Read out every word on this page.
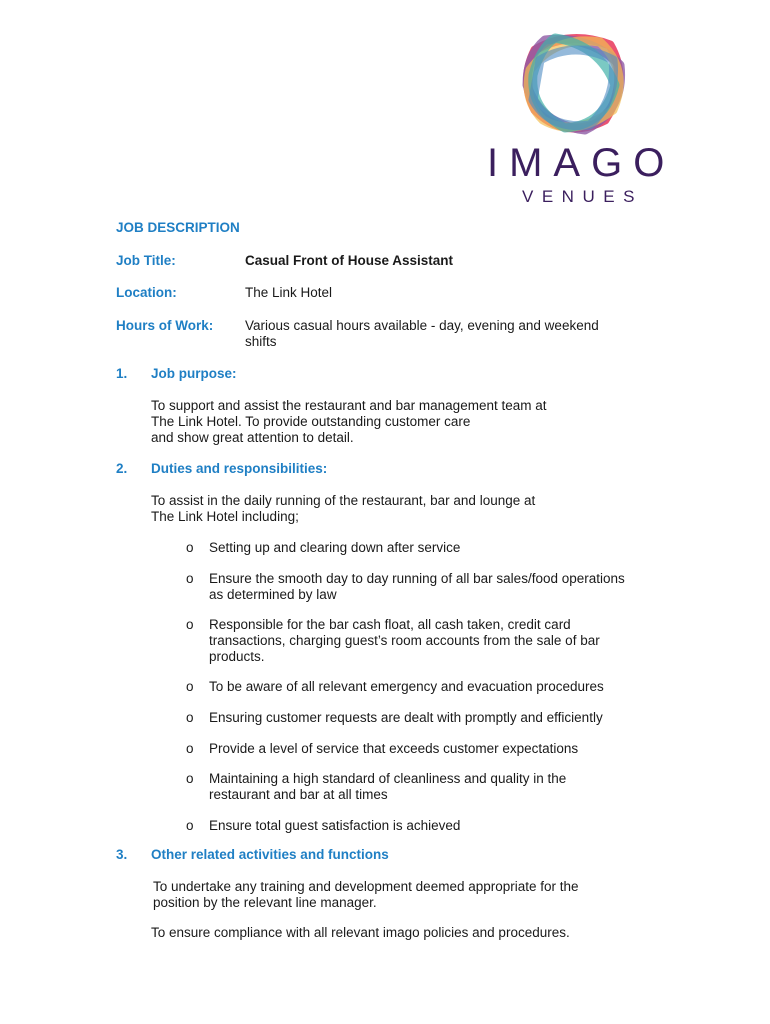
IMAGO
VENUES

JOB DESCRIPTION

Job Title:	Casual Front of House Assistant

Location:	The Link Hotel

Hours of Work: Various casual hours available - day, evening and weekend

shifts

1. Job purpose:

To support and assist the restaurant and bar management team at

The Link Hotel. To provide outstanding customer care

and show great attention to detail.

2. Duties and responsibilities:

To assist in the daily running of the restaurant, bar and lounge at

The Link Hotel including;

o Setting up and clearing down after service

o Ensure the smooth day to day running of all bar sales/food operations

as determined by law

o Responsible for the bar cash float, all cash taken, credit card

transactions, charging guest’s room accounts from the sale of bar

products.

o To be aware of all relevant emergency and evacuation procedures

o Ensuring customer requests are dealt with promptly and efficiently

o Provide a level of service that exceeds customer expectations

o Maintaining a high standard of cleanliness and quality in the

restaurant and bar at all times

o Ensure total guest satisfaction is achieved

3. Other related activities and functions

To undertake any training and development deemed appropriate for the

position by the relevant line manager.

To ensure compliance with all relevant imago policies and procedures.
